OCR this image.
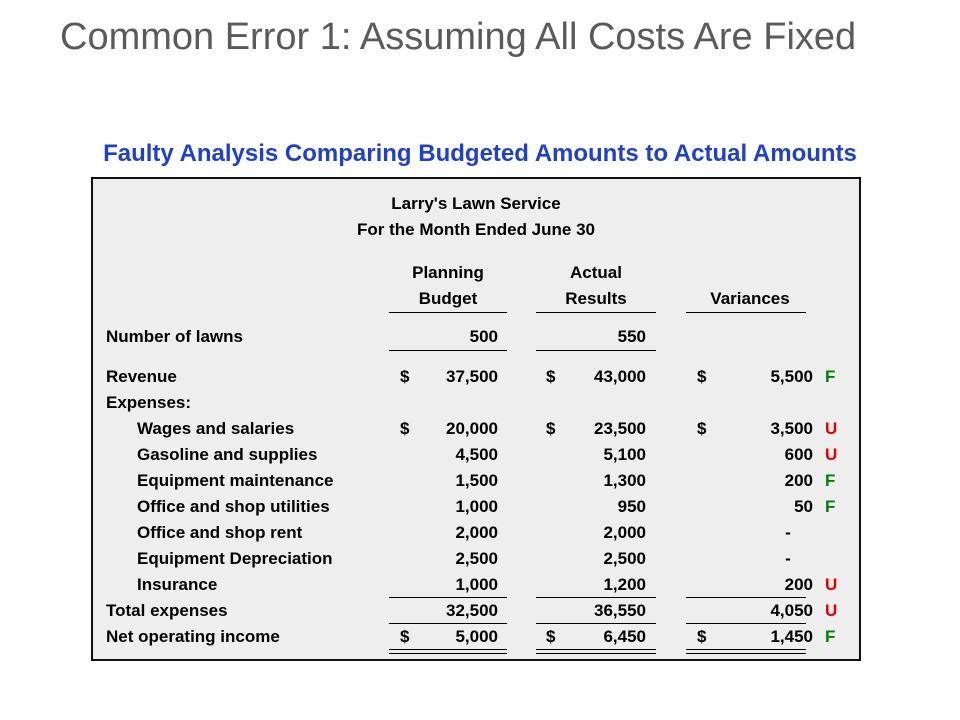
Common Error 1: Assuming All Costs Are Fixed
Faulty Analysis Comparing Budgeted Amounts to Actual Amounts
Larry's Lawn Service
For the Month Ended June 30
Planning
Budget
Actual
Results	Variances
Number of lawns	500	550
Revenue	$	37,500	$	43,000	$	5,500 F
Expenses:
Wages and salaries	$	20,000	$	23,500	$	3,500 U
Gasoline and supplies	4,500	5,100	600 U
Equipment maintenance	1,500	1,300	200 F
Office and shop utilities	1,000	950	50 F
Office and shop rent	2,000	2,000	-
Equipment Depreciation	2,500	2,500	-
Insurance	1,000	1,200	200 U
Total expenses	32,500	36,550	4,050 U
Net operating income	$	5,000	$	6,450	$	1,450 F
